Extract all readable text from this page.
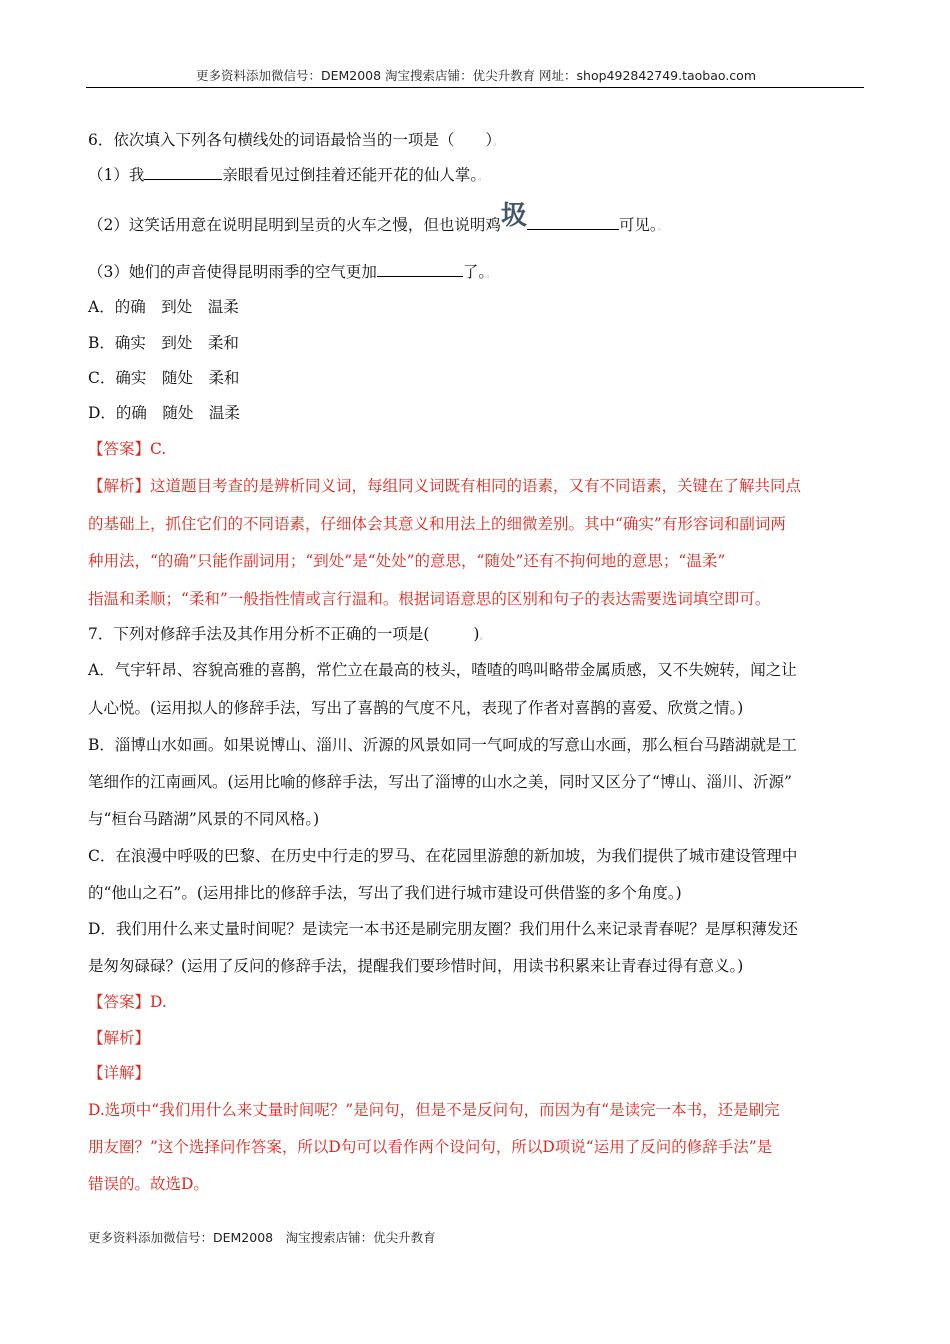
更多资料添加微信号：DEM2008 淘宝搜索店铺：优尖升教育 网址：shop492842749.taobao.com
6．依次填入下列各句横线处的词语最恰当的一项是（　　）。
（1）我	亲眼看见过倒挂着还能开花的仙人掌。。
（2）这笑话用意在说明昆明到呈贡的火车之慢，但也说明鸡圾	可见。。
（3）她们的声音使得昆明雨季的空气更加	了。。
A．的确　到处　温柔
B．确实　到处　柔和
C．确实　随处　柔和
D．的确　随处　温柔
【答案】C.
【解析】这道题目考查的是辨析同义词，每组同义词既有相同的语素，又有不同语素，关键在了解共同点
的基础上，抓住它们的不同语素，仔细体会其意义和用法上的细微差别。其中“确实”有形容词和副词两
种用法，“的确”只能作副词用；“到处”是“处处”的意思，“随处”还有不拘何地的意思；“温柔”
指温和柔顺；“柔和”一般指性情或言行温和。根据词语意思的区别和句子的表达需要选词填空即可。
7．下列对修辞手法及其作用分析不正确的一项是(	)。
A．气宇轩昂、容貌高雅的喜鹊，常伫立在最高的枝头，喳喳的鸣叫略带金属质感，又不失婉转，闻之让
人心悦。(运用拟人的修辞手法，写出了喜鹊的气度不凡，表现了作者对喜鹊的喜爱、欣赏之情。)
B．淄博山水如画。如果说博山、淄川、沂源的风景如同一气呵成的写意山水画，那么桓台马踏湖就是工
笔细作的江南画风。(运用比喻的修辞手法，写出了淄博的山水之美，同时又区分了“博山、淄川、沂源”
与“桓台马踏湖”风景的不同风格。)
C．在浪漫中呼吸的巴黎、在历史中行走的罗马、在花园里游憩的新加坡，为我们提供了城市建设管理中
的“他山之石”。(运用排比的修辞手法，写出了我们进行城市建设可供借鉴的多个角度。)
D．我们用什么来丈量时间呢？是读完一本书还是刷完朋友圈？我们用什么来记录青春呢？是厚积薄发还
是匆匆碌碌？(运用了反问的修辞手法，提醒我们要珍惜时间，用读书积累来让青春过得有意义。)
【答案】D.
【解析】
【详解】
D.选项中“我们用什么来丈量时间呢？”是问句，但是不是反问句，而因为有“是读完一本书，还是刷完
朋友圈？”这个选择问作答案，所以D句可以看作两个设问句，所以D项说“运用了反问的修辞手法”是
错误的。故选D。
更多资料添加微信号：DEM2008　淘宝搜索店铺：优尖升教育
